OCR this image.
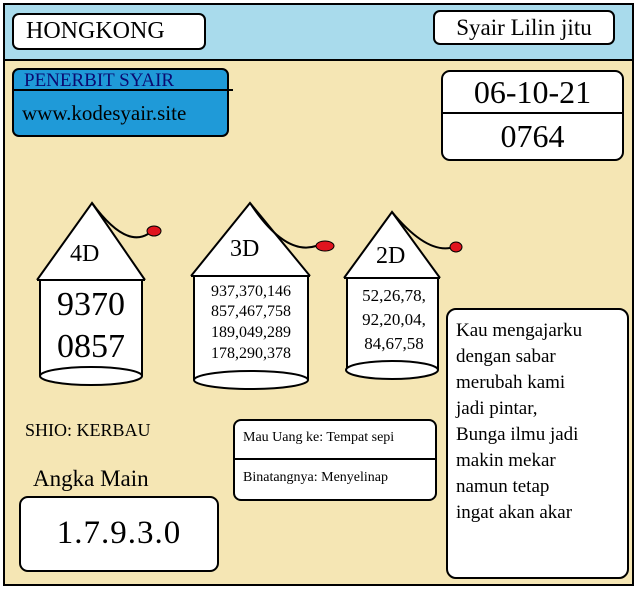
HONGKONG	Syair Lilin jitu
PENERBIT SYAIR
www.kodesyair.site
06-10-21
0764
4D	3D	2D
9370
0857
937,370,146
857,467,758
189,049,289
178,290,378
52,26,78,
92,20,04,
84,67,58
SHIO: KERBAU
Angka Main
1.7.9.3.0
Mau Uang ke: Tempat sepi
Binatangnya: Menyelinap
Kau mengajarku
dengan sabar
merubah kami
jadi pintar,
Bunga ilmu jadi
makin mekar
namun tetap
ingat akan akar
